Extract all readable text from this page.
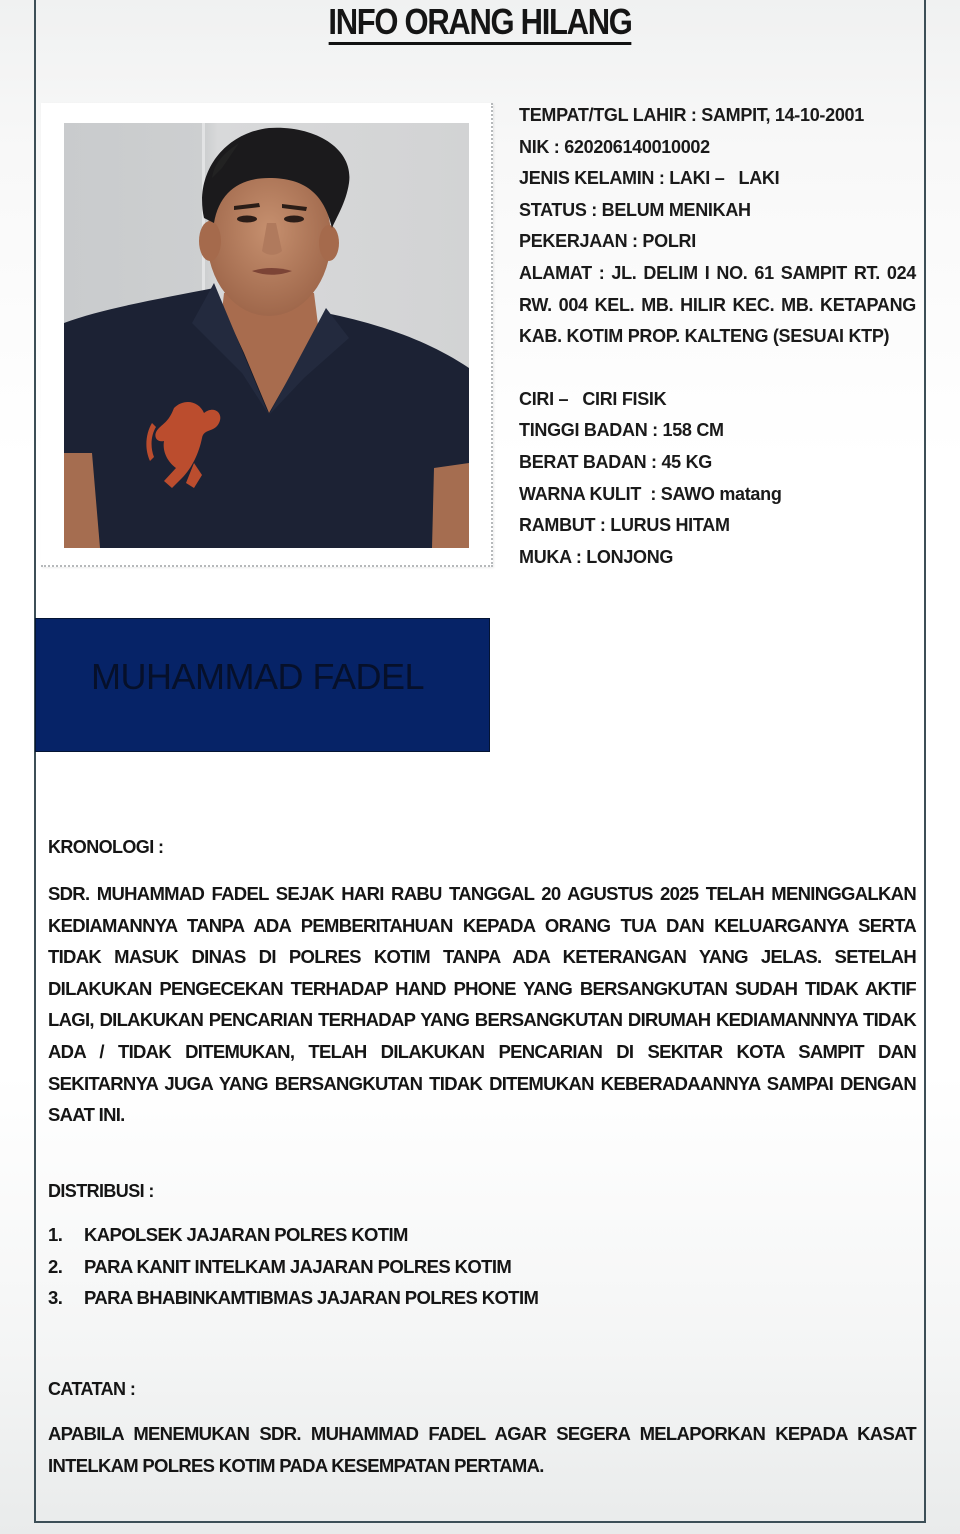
INFO ORANG HILANG
TEMPAT/TGL LAHIR : SAMPIT, 14-10-2001
NIK : 620206140010002
JENIS KELAMIN : LAKI –   LAKI
STATUS : BELUM MENIKAH
PEKERJAAN : POLRI
ALAMAT : JL. DELIM I NO. 61 SAMPIT RT. 024 RW. 004 KEL. MB. HILIR KEC. MB. KETAPANG KAB. KOTIM PROP. KALTENG (SESUAI KTP)
CIRI –   CIRI FISIK
TINGGI BADAN : 158 CM
BERAT BADAN : 45 KG
WARNA KULIT  : SAWO matang
RAMBUT : LURUS HITAM
MUKA : LONJONG
MUHAMMAD FADEL
KRONOLOGI :
SDR. MUHAMMAD FADEL SEJAK HARI RABU TANGGAL 20 AGUSTUS 2025 TELAH MENINGGALKAN KEDIAMANNYA TANPA ADA PEMBERITAHUAN KEPADA ORANG TUA DAN KELUARGANYA SERTA TIDAK MASUK DINAS DI POLRES KOTIM TANPA ADA KETERANGAN YANG JELAS. SETELAH DILAKUKAN PENGECEKAN TERHADAP HAND PHONE YANG BERSANGKUTAN SUDAH TIDAK AKTIF LAGI, DILAKUKAN PENCARIAN TERHADAP YANG BERSANGKUTAN DIRUMAH KEDIAMANNNYA TIDAK ADA / TIDAK DITEMUKAN, TELAH DILAKUKAN PENCARIAN DI SEKITAR KOTA SAMPIT DAN SEKITARNYA JUGA YANG BERSANGKUTAN TIDAK DITEMUKAN KEBERADAANNYA SAMPAI DENGAN SAAT INI.
DISTRIBUSI :
1.	KAPOLSEK JAJARAN POLRES KOTIM
2.	PARA KANIT INTELKAM JAJARAN POLRES KOTIM
3.	PARA BHABINKAMTIBMAS JAJARAN POLRES KOTIM
CATATAN :
APABILA MENEMUKAN SDR. MUHAMMAD FADEL AGAR SEGERA MELAPORKAN KEPADA KASAT INTELKAM POLRES KOTIM PADA KESEMPATAN PERTAMA.
